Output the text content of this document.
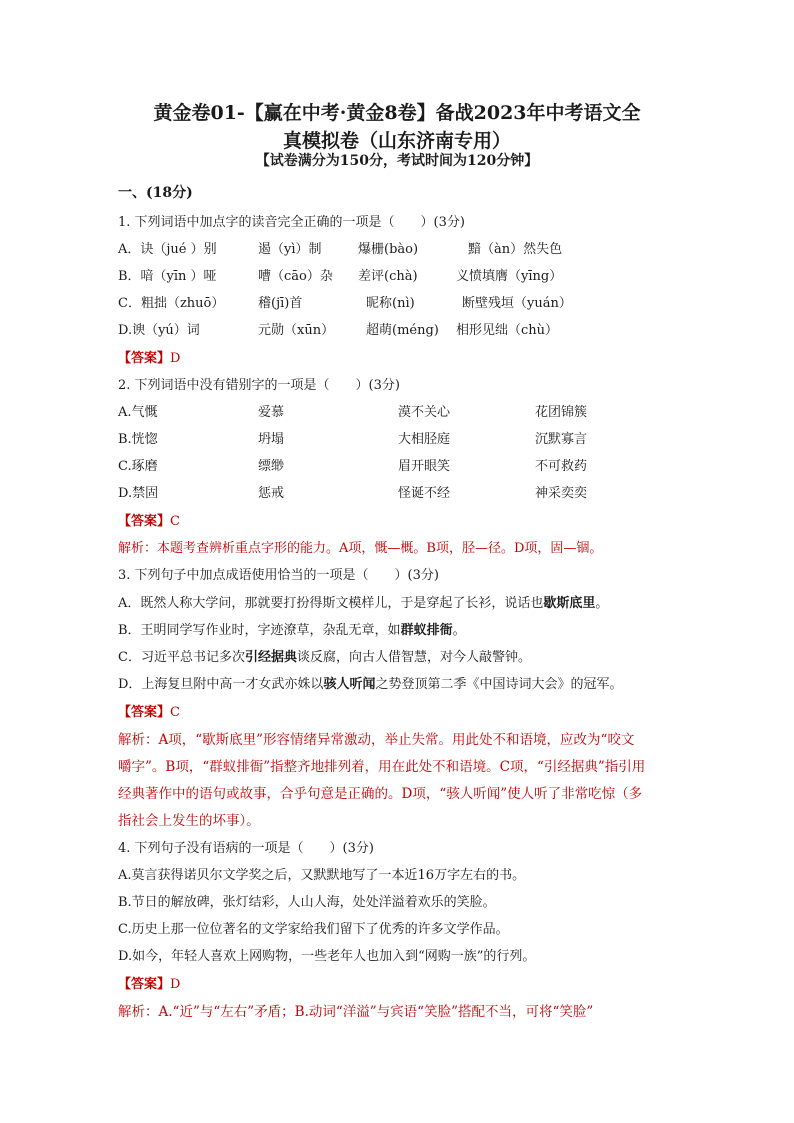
黄金卷01-【赢在中考·黄金8卷】备战2023年中考语文全
真模拟卷（山东济南专用）
【试卷满分为150分，考试时间为120分钟】
一、(18分)
1. 下列词语中加点字的读音完全正确的一项是（　　）(3分)
A．诀（jué ）别	遏（yì）制	爆栅(bào)	黯（àn）然失色
B．喑（yīn ）哑	嘈（cāo）杂 差评(chà)	义愤填膺（yīng）
C．粗拙（zhuō）	稽(jī)首	昵称(nì)	断壁残垣（yuán）
D.谀（yú）词	元勋（xūn） 超萌(méng) 相形见绌（chù）
【答案】D
2. 下列词语中没有错别字的一项是（　　）(3分)
A.气慨	爱慕	漠不关心	花团锦簇
B.恍惚	坍塌	大相胫庭	沉默寡言
C.琢磨	缥缈	眉开眼笑	不可救药
D.禁固	惩戒	怪诞不经	神采奕奕
【答案】C
解析：本题考查辨析重点字形的能力。A项，慨—概。B项，胫—径。D项，固—锢。
3. 下列句子中加点成语使用恰当的一项是（　　）(3分)
A．既然人称大学问，那就要打扮得斯文模样儿，于是穿起了长衫，说话也歇斯底里。
B．王明同学写作业时，字迹潦草，杂乱无章，如群蚁排衙。
C．习近平总书记多次引经据典谈反腐，向古人借智慧，对今人敲警钟。
D．上海复旦附中高一才女武亦姝以骇人听闻之势登顶第二季《中国诗词大会》的冠军。
【答案】C
解析：A项，“歇斯底里”形容情绪异常激动，举止失常。用此处不和语境，应改为“咬文
嚼字”。B项，“群蚁排衙”指整齐地排列着，用在此处不和语境。C项，“引经据典”指引用
经典著作中的语句或故事，合乎句意是正确的。D项，“骇人听闻”使人听了非常吃惊（多
指社会上发生的坏事）。
4. 下列句子没有语病的一项是（　　）(3分)
A.莫言获得诺贝尔文学奖之后，又默默地写了一本近16万字左右的书。
B.节日的解放碑，张灯结彩，人山人海，处处洋溢着欢乐的笑脸。
C.历史上那一位位著名的文学家给我们留下了优秀的许多文学作品。
D.如今，年轻人喜欢上网购物，一些老年人也加入到“网购一族”的行列。
【答案】D
解析：A.“近”与“左右”矛盾；B.动词“洋溢”与宾语“笑脸”搭配不当，可将“笑脸”
